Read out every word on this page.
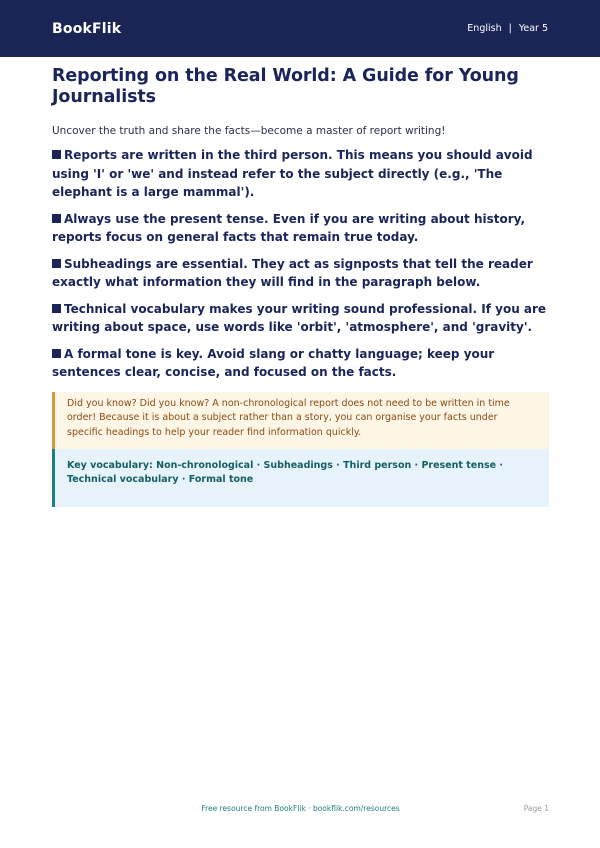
BookFlik	English | Year 5
Reporting on the Real World: A Guide for Young Journalists

Uncover the truth and share the facts—become a master of report writing!

Reports are written in the third person. This means you should avoid using 'I' or 'we' and instead refer to the subject directly (e.g., 'The elephant is a large mammal').
Always use the present tense. Even if you are writing about history, reports focus on general facts that remain true today.
Subheadings are essential. They act as signposts that tell the reader exactly what information they will find in the paragraph below.
Technical vocabulary makes your writing sound professional. If you are writing about space, use words like 'orbit', 'atmosphere', and 'gravity'.
A formal tone is key. Avoid slang or chatty language; keep your sentences clear, concise, and focused on the facts.
Did you know? Did you know? A non-chronological report does not need to be written in time order! Because it is about a subject rather than a story, you can organise your facts under specific headings to help your reader find information quickly.
Key vocabulary: Non-chronological · Subheadings · Third person · Present tense · Technical vocabulary · Formal tone
Free resource from BookFlik · bookflik.com/resources	Page 1
